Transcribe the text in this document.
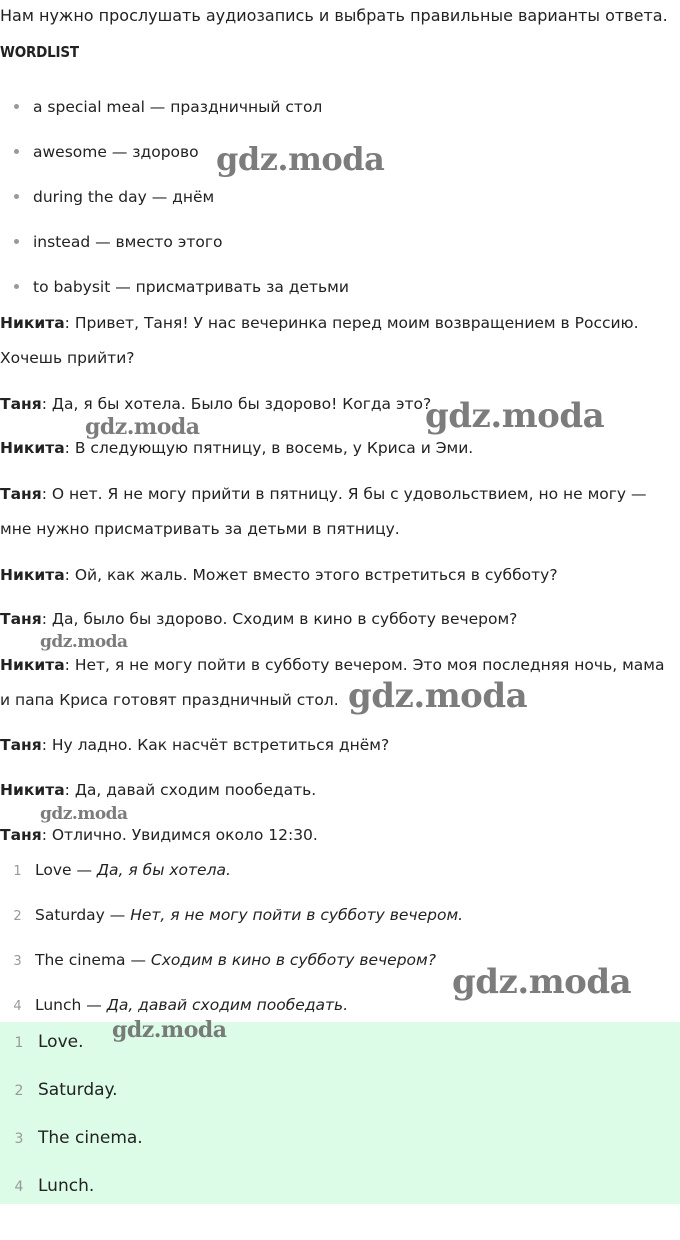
Нам нужно прослушать аудиозапись и выбрать правильные варианты ответа.
WORDLIST
a special meal — праздничный стол
awesome — здорово
during the day — днём
instead — вместо этого
to babysit — присматривать за детьми
Никита: Привет, Таня! У нас вечеринка перед моим возвращением в Россию.
Хочешь прийти?
Таня: Да, я бы хотела. Было бы здорово! Когда это?
Никита: В следующую пятницу, в восемь, у Криса и Эми.
Таня: О нет. Я не могу прийти в пятницу. Я бы с удовольствием, но не могу —
мне нужно присматривать за детьми в пятницу.
Никита: Ой, как жаль. Может вместо этого встретиться в субботу?
Таня: Да, было бы здорово. Сходим в кино в субботу вечером?
Никита: Нет, я не могу пойти в субботу вечером. Это моя последняя ночь, мама
и папа Криса готовят праздничный стол.
Таня: Ну ладно. Как насчёт встретиться днём?
Никита: Да, давай сходим пообедать.
Таня: Отлично. Увидимся около 12:30.
1 Love — Да, я бы хотела.
2 Saturday — Нет, я не могу пойти в субботу вечером.
3 The cinema — Сходим в кино в субботу вечером?
4 Lunch — Да, давай сходим пообедать.
1 Love.
2 Saturday.
3 The cinema.
4 Lunch.
gdz.moda
gdz.moda
gdz.moda
gdz.moda
gdz.moda
gdz.moda
gdz.moda
gdz.moda
